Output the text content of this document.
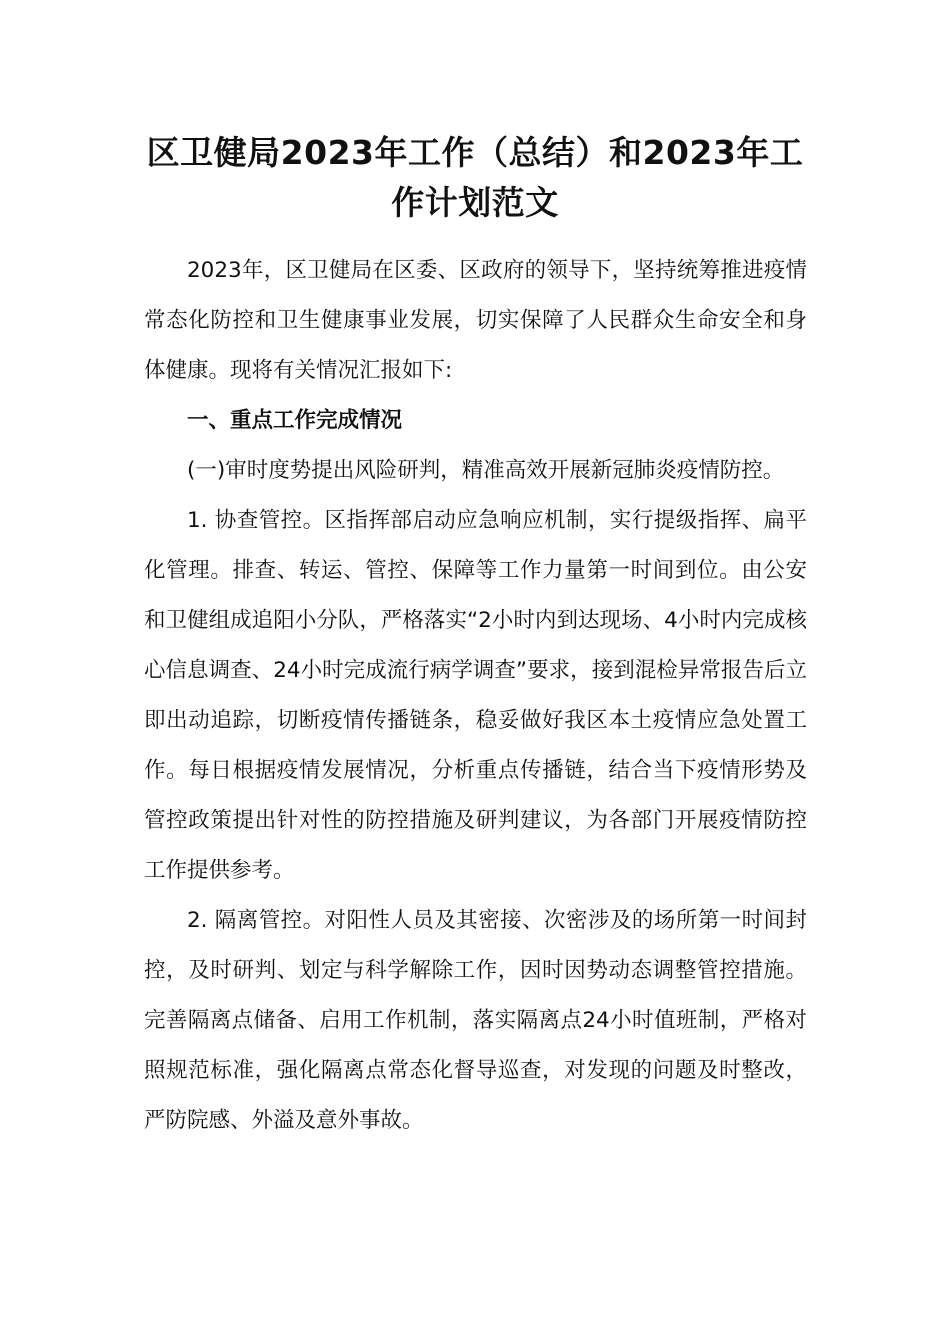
区卫健局2023年工作（总结）和2023年工作计划范文

2023年，区卫健局在区委、区政府的领导下，坚持统筹推进疫情常态化防控和卫生健康事业发展，切实保障了人民群众生命安全和身体健康。现将有关情况汇报如下:

一、重点工作完成情况

(一)审时度势提出风险研判，精准高效开展新冠肺炎疫情防控。

1. 协查管控。区指挥部启动应急响应机制，实行提级指挥、扁平化管理。排查、转运、管控、保障等工作力量第一时间到位。由公安和卫健组成追阳小分队，严格落实“2小时内到达现场、4小时内完成核心信息调查、24小时完成流行病学调查”要求，接到混检异常报告后立即出动追踪，切断疫情传播链条，稳妥做好我区本土疫情应急处置工作。每日根据疫情发展情况，分析重点传播链，结合当下疫情形势及管控政策提出针对性的防控措施及研判建议，为各部门开展疫情防控工作提供参考。

2. 隔离管控。对阳性人员及其密接、次密涉及的场所第一时间封控，及时研判、划定与科学解除工作，因时因势动态调整管控措施。完善隔离点储备、启用工作机制，落实隔离点24小时值班制，严格对照规范标准，强化隔离点常态化督导巡查，对发现的问题及时整改，严防院感、外溢及意外事故。
